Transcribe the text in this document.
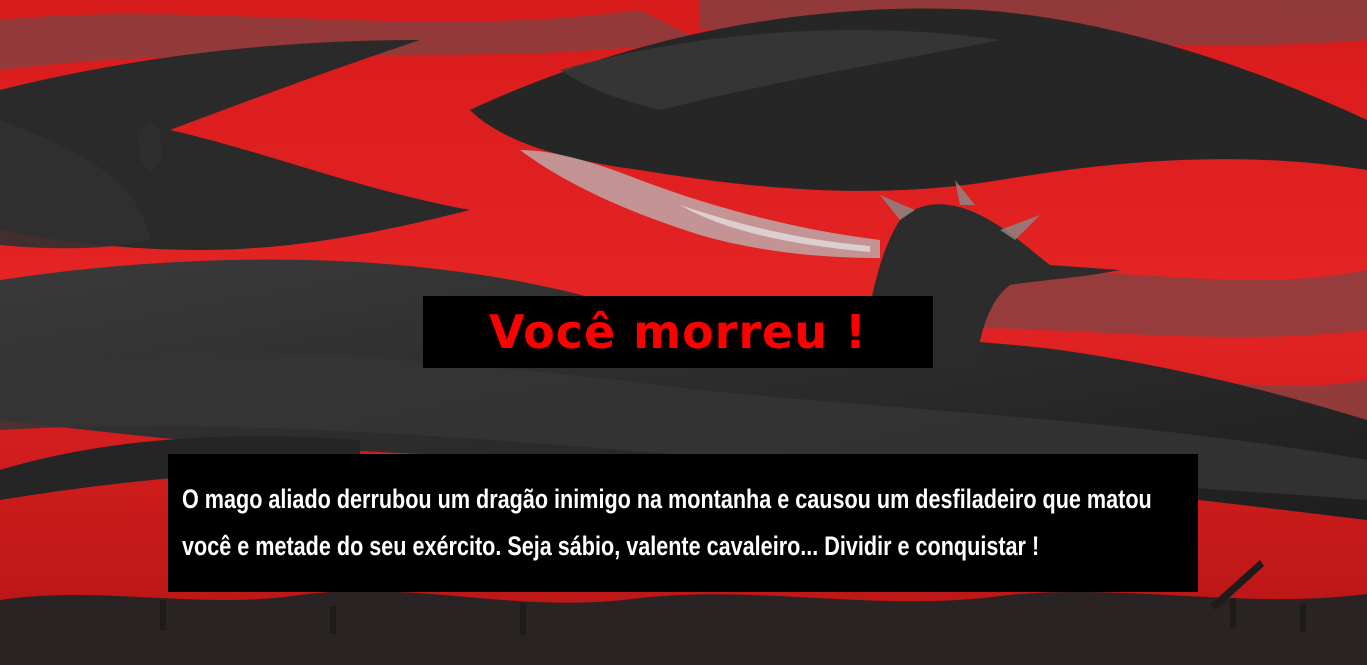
Você morreu !

O mago aliado derrubou um dragão inimigo na montanha e causou um desfiladeiro que matou você e metade do seu exército. Seja sábio, valente cavaleiro... Dividir e conquistar !
